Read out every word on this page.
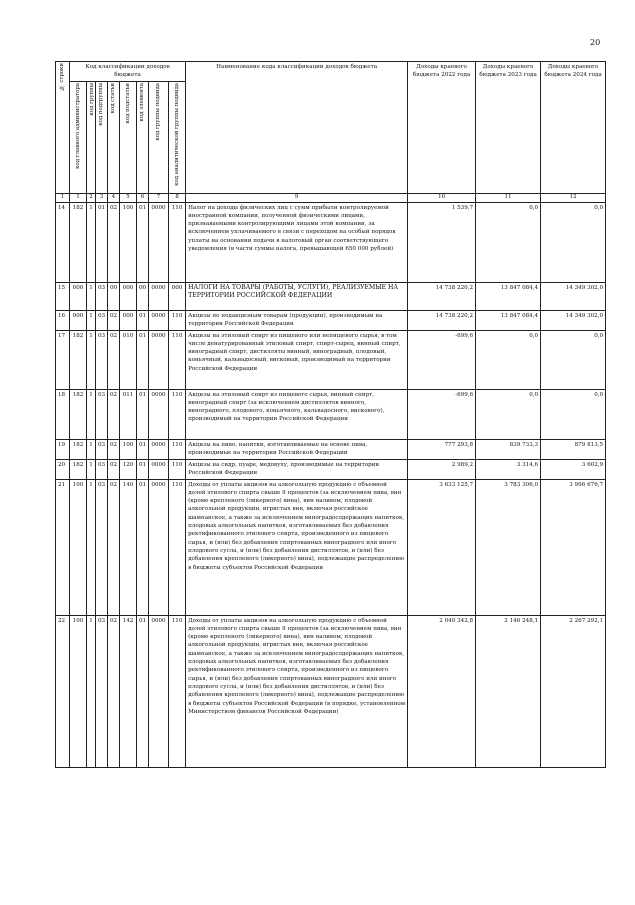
20
№ строки	Код классификации доходов бюджета								Наименование кода классификации доходов бюджета	Доходы краевого бюджета 2022 года	Доходы краевого бюджета 2023 года	Доходы краевого бюджета 2024 года

	код главного администратора	код группы	код подгруппы	код статьи	код подстатьи	код элемента	код группы подвида	код аналитической группы подвида				

1	1	2	3	4	5	6	7	8	9	10	11	12
14	182	1	01	02	100	01	0000	110	Налог на доходы физических лиц с сумм прибыли контролируемой иностранной компании, полученной физическими лицами, признаваемыми контролирующими лицами этой компании, за исключением уплачиваемого в связи с переходом на особый порядок уплаты на основании подачи в налоговый орган соответствующего уведомления (в части суммы налога, превышающей 650 000 рублей)	1 539,7	0,0	0,0
15	000	1	03	00	000	00	0000	000	НАЛОГИ НА ТОВАРЫ (РАБОТЫ, УСЛУГИ), РЕАЛИЗУЕМЫЕ НА ТЕРРИТОРИИ РОССИЙСКОЙ ФЕДЕРАЦИИ	14 738 220,2	13 847 084,4	14 349 302,0
16	000	1	03	02	000	01	0000	110	Акцизы по подакцизным товарам (продукции), производимым на территории Российской Федерации	14 738 220,2	13 847 084,4	14 349 302,0
17	182	1	03	02	010	01	0000	110	Акцизы на этиловый спирт из пищевого или непищевого сырья, в том числе денатурированный этиловый спирт, спирт-сырец, винный спирт, виноградный спирт, дистилляты винный, виноградный, плодовый, коньячный, кальвадосный, висковый, производимый на территории Российской Федерации	-699,6	0,0	0,0
18	182	1	03	02	011	01	0000	110	Акцизы на этиловый спирт из пищевого сырья, винный спирт, виноградный спирт (за исключением дистиллятов винного, виноградного, плодового, коньячного, кальвадосного, вискового), производимый на территории Российской Федерации	-699,6	0,0	0,0
19	182	1	03	02	100	01	0000	110	Акцизы на пиво, напитки, изготавливаемые на основе пива, производимые на территории Российской Федерации	777 293,8	839 733,3	879 813,5
20	182	1	03	02	120	01	0000	110	Акцизы на сидр, пуаре, медовуху, производимые на территории Российской Федерации	2 989,2	3 314,6	3 602,9
21	100	1	03	02	140	01	0000	110	Доходы от уплаты акцизов на алкогольную продукцию с объемной долей этилового спирта свыше 9 процентов (за исключением пива, вин (кроме крепленого (ликерного) вина), вин наливом, плодовой алкогольной продукции, игристых вин, включая российское шампанское, а также за исключением виноградосодержащих напитков, плодовых алкогольных напитков, изготавливаемых без добавления ректификованного этилового спирта, произведенного из пищевого сырья, и (или) без добавления спиртованных виноградного или иного плодового сусла, и (или) без добавления дистиллятов, и (или) без добавления крепленого (ликерного) вина), подлежащие распределению в бюджеты субъектов Российской Федерации	3 633 125,7	3 783 306,0	3 996 676,7
22	100	1	03	02	142	01	0000	110	Доходы от уплаты акцизов на алкогольную продукцию с объемной долей этилового спирта свыше 9 процентов (за исключением пива, вин (кроме крепленого (ликерного) вина), вин наливом, плодовой алкогольной продукции, игристых вин, включая российское шампанское, а также за исключением виноградосодержащих напитков, плодовых алкогольных напитков, изготавливаемых без добавления ректификованного этилового спирта, произведенного из пищевого сырья, и (или) без добавления спиртованных виноградного или иного плодового сусла, и (или) без добавления дистиллятов, и (или) без добавления крепленого (ликерного) вина), подлежащие распределению в бюджеты субъектов Российской Федерации (в порядке, установленном Министерством финансов Российской Федерации)	2 040 342,8	2 146 248,1	2 267 292,1
